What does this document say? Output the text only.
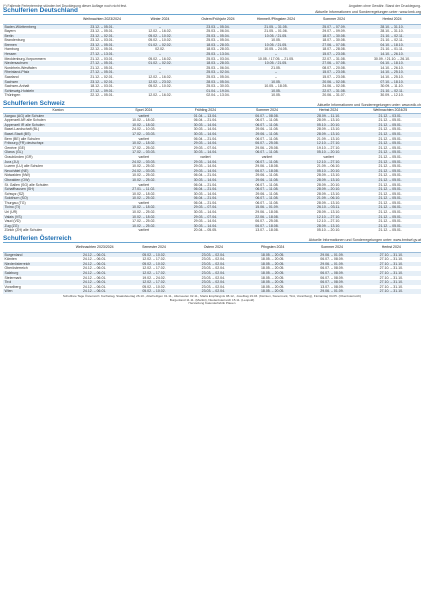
(*) Fallende Ferientermine stünden bei Drucklegung dieser Auflage noch nicht fest.	Angaben ohne Gewähr. Stand der Drucklegung.
Schulferien Deutschland	Aktuelle Informationen und Sonderregelungen unter: www.kmk.org
	Weihnachten 2023/2024	Winter 2024	Ostern/Frühjahr 2024	Himmelf./Pfingsten 2024	Sommer 2024	Herbst 2024
Baden-Württemberg	23.12. – 05.01.	–	23.03. – 05.04.	21.05. – 31.05.	25.07. – 07.09.	28.10. – 31.10.
Bayern	23.12. – 05.01.	12.02. – 16.02.	25.03. – 06.04.	21.05. – 01.06.	29.07. – 09.09.	28.10. – 31.10.
Berlin	23.12. – 02.01.	05.02. – 10.02.	25.03. – 05.04.	10.05. / 21.05.	18.07. – 30.08.	21.10. – 02.11.
Brandenburg	23.12. – 03.01.	05.02. – 10.02.	25.03. – 05.04.	10.05.	18.07. – 30.08.	21.10. – 02.11.
Bremen	23.12. – 05.01.	01.02. – 02.02.	18.03. – 28.03.	10.05. / 21.05.	27.06. – 07.08.	04.10. – 18.10.
Hamburg	22.12. – 05.01.	02.02.	18.03. – 28.03.	10.05. – 24.05.	18.07. – 28.08.	21.10. – 01.11.
Hessen	27.12. – 13.01.	–	25.03. – 13.04.	–	15.07. – 23.08.	14.10. – 26.10.
Mecklenburg-Vorpommern	21.12. – 03.01.	05.02. – 16.02.	25.03. – 03.04.	10.05. / 17.05. – 21.05.	22.07. – 31.08.	30.09. / 21.10. – 26.10.
Niedersachsen	27.12. – 05.01.	01.02. – 02.02.	18.03. – 28.03.	10.05. / 21.05.	27.06. – 07.08.	04.10. – 18.10.
Nordrhein-Westfalen	21.12. – 05.01.	–	25.03. – 06.04.	21.05.	08.07. – 20.08.	14.10. – 26.10.
Rheinland-Pfalz	27.12. – 05.01.	–	25.03. – 02.04.	–	15.07. – 23.08.	14.10. – 25.10.
Saarland	21.12. – 02.01.	12.02. – 16.02.	25.03. – 05.04.	–	15.07. – 23.08.	14.10. – 25.10.
Sachsen	23.12. – 02.01.	12.02. – 23.02.	28.03. – 05.04.	10.05.	20.06. – 02.08.	07.10. – 18.10.
Sachsen-Anhalt	18.12. – 03.01.	05.02. – 10.02.	25.03. – 30.03.	10.05. – 18.05.	24.06. – 02.08.	30.09. – 11.10.
Schleswig-Holstein	27.12. – 09.01.	–	01.04. – 19.04.	10.05.	22.07. – 31.08.	21.10. – 02.11.
Thüringen	22.12. – 05.01.	12.02. – 16.02.	02.04. – 13.04.	10.05.	20.06. – 31.07.	30.09. – 12.10.
Schulferien Schweiz	Aktuelle Informationen und Sonderregelungen unter: www.edk.ch
Kanton	Sport 2024	Frühling 2024	Sommer 2024	Herbst 2024	Weihnachten 2024/25
Aargau (AG) alle Schulen	variiert	01.04. – 13.04.	06.07. – 08.08.	28.09. – 11.10.	21.12. – 03.01.
Appenzell AR alle Schulen	10.02. – 18.02.	06.04. – 21.04.	06.07. – 11.08.	28.09. – 13.10.	21.12. – 05.01.
Appenzell IR alle Schulen	10.02. – 18.02.	30.03. – 14.04.	06.07. – 11.08.	05.10. – 20.10.	21.12. – 05.01.
Basel-Landschaft (BL)	24.02. – 10.03.	30.03. – 14.04.	29.06. – 11.08.	28.09. – 13.10.	21.12. – 05.01.
Basel-Stadt (BS)	17.02. – 03.03.	30.03. – 14.04.	29.06. – 11.08.	28.09. – 13.10.	21.12. – 05.01.
Bern (BE) alle Schulen	variiert	06.04. – 21.04.	06.07. – 11.08.	21.09. – 13.10.	21.12. – 05.01.
Fribourg (FR) deutschspr.	10.02. – 18.02.	29.03. – 14.04.	06.07. – 25.08.	12.10. – 27.10.	21.12. – 05.01.
Genève (GE)	17.02. – 25.02.	29.03. – 07.04.	29.06. – 25.08.	19.10. – 27.10.	21.12. – 05.01.
Glarus (GL)	17.02. – 03.03.	30.03. – 14.04.	06.07. – 11.08.	05.10. – 20.10.	21.12. – 05.01.
Graubünden (GR)	variiert	variiert	variiert	variiert	21.12. – 05.01.
Jura (JU)	24.02. – 03.03.	29.03. – 14.04.	06.07. – 11.08.	12.10. – 27.10.	21.12. – 05.01.
Luzern (LU) alle Schulen	10.02. – 25.02.	29.03. – 14.04.	29.06. – 18.08.	21.09. – 06.10.	21.12. – 05.01.
Neuchâtel (NE)	24.02. – 03.03.	29.03. – 14.04.	06.07. – 18.08.	05.10. – 20.10.	21.12. – 05.01.
Nidwalden (NW)	10.02. – 25.02.	06.04. – 21.04.	29.06. – 11.08.	28.09. – 13.10.	21.12. – 05.01.
Obwalden (OW)	10.02. – 25.02.	30.03. – 14.04.	29.06. – 11.08.	28.09. – 13.10.	21.12. – 05.01.
St. Gallen (SG) alle Schulen	variiert	06.04. – 21.04.	06.07. – 11.08.	28.09. – 20.10.	21.12. – 05.01.
Schaffhausen (SH)	27.01. – 11.02.	06.04. – 21.04.	06.07. – 11.08.	28.09. – 20.10.	21.12. – 05.01.
Schwyz (SZ)	10.02. – 18.02.	30.03. – 14.04.	29.06. – 11.08.	28.09. – 13.10.	21.12. – 05.01.
Solothurn (SO)	10.02. – 25.02.	06.04. – 21.04.	06.07. – 11.08.	21.09. – 06.10.	21.12. – 05.01.
Thurgau (TG)	variiert	06.04. – 21.04.	06.07. – 11.08.	28.09. – 13.10.	21.12. – 05.01.
Ticino (TI)	10.02. – 18.02.	29.03. – 07.04.	15.06. – 01.09.	26.10. – 03.11.	21.12. – 06.01.
Uri (UR)	10.02. – 25.02.	30.03. – 14.04.	29.06. – 18.08.	28.09. – 13.10.	21.12. – 05.01.
Valais (VS)	10.02. – 18.02.	29.03. – 07.04.	22.06. – 18.08.	12.10. – 27.10.	21.12. – 05.01.
Vaud (VD)	17.02. – 25.02.	29.03. – 14.04.	06.07. – 25.08.	12.10. – 27.10.	21.12. – 05.01.
Zug (ZG)	10.02. – 25.02.	30.03. – 14.04.	06.07. – 18.08.	28.09. – 13.10.	21.12. – 05.01.
Zürich (ZH) alle Schulen	variiert	20.04. – 05.05.	13.07. – 18.08.	05.10. – 20.10.	21.12. – 05.01.
Schulferien Österreich	Aktuelle Informationen und Sonderregelungen unter: www.bmbwf.gv.at
	Weihnachten 2023/2024	Semester 2024	Ostern 2024	Pfingsten 2024	Sommer 2024	Herbst 2024
Burgenland	24.12. – 06.01.	05.02. – 10.02.	23.03. – 02.04.	18.05. – 20.05.	29.06. – 01.09.	27.10. – 31.10.
Kärnten	24.12. – 06.01.	12.02. – 17.02.	23.03. – 02.04.	18.05. – 20.05.	06.07. – 08.09.	27.10. – 31.10.
Niederösterreich	24.12. – 06.01.	05.02. – 10.02.	23.03. – 02.04.	18.05. – 20.05.	29.06. – 01.09.	27.10. – 31.10.
Oberösterreich	24.12. – 06.01.	12.02. – 17.02.	23.03. – 02.04.	18.05. – 20.05.	06.07. – 08.09.	27.10. – 31.10.
Salzburg	24.12. – 06.01.	12.02. – 17.02.	23.03. – 02.04.	18.05. – 20.05.	06.07. – 08.09.	27.10. – 31.10.
Steiermark	24.12. – 06.01.	19.02. – 24.02.	23.03. – 02.04.	18.05. – 20.05.	06.07. – 08.09.	27.10. – 31.10.
Tirol	24.12. – 06.01.	12.02. – 17.02.	23.03. – 02.04.	18.05. – 20.05.	06.07. – 08.09.	27.10. – 31.10.
Vorarlberg	24.12. – 06.01.	05.02. – 10.02.	23.03. – 02.04.	18.05. – 20.05.	13.07. – 08.09.	27.10. – 31.10.
Wien	24.12. – 06.01.	05.02. – 10.02.	23.03. – 02.04.	18.05. – 20.05.	29.06. – 01.09.	27.10. – 31.10.
Schulfreie Tage Österreich: Karfreitag, Staatsfeiertag 26.10., Allerheiligen 01.11., Allerseelen 02.11., Mariä Empfängnis 08.12., Josefitag 19.03. (Kärnten, Steiermark, Tirol, Vorarlberg), Florianitag 04.05. (Oberösterreich)
Burgenland 11.11. (Martini), Niederösterreich 15.11. (Leopold)
Herstellung Kalenderfabrik Plauen
